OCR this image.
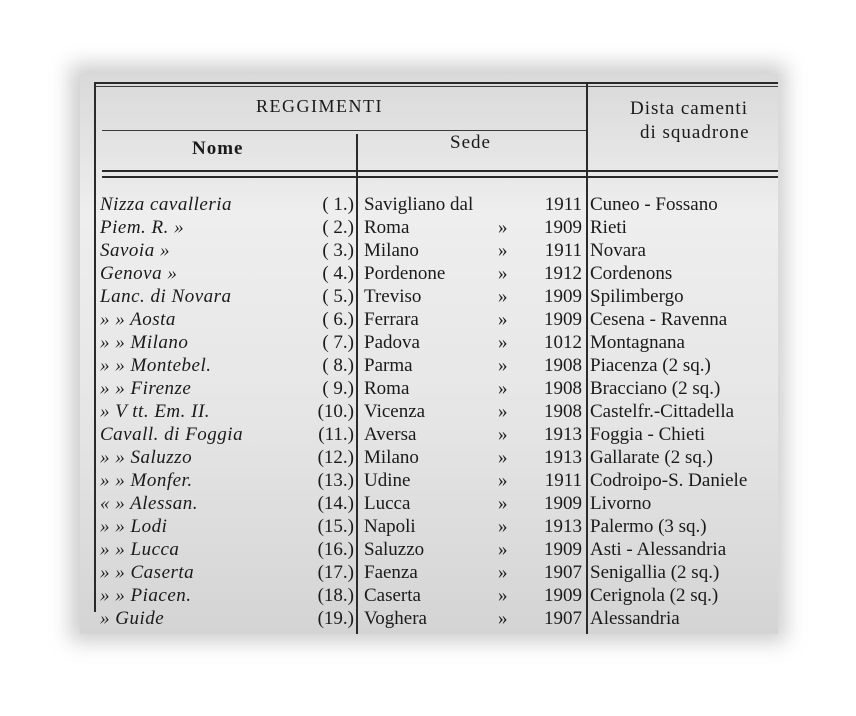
REGGIMENTI
Nome	Sede
Dista camenti
di squadrone
Nizza cavalleria	( 1.) Savigliano dal	1911 Cuneo - Fossano
Piem. R. »	( 2.) Roma	»	1909 Rieti
Savoia »	( 3.) Milano	»	1911 Novara
Genova »	( 4.) Pordenone	»	1912 Cordenons
Lanc. di Novara	( 5.) Treviso	»	1909 Spilimbergo
» » Aosta	( 6.) Ferrara	»	1909 Cesena - Ravenna
» » Milano	( 7.) Padova	»	1012 Montagnana
» » Montebel.	( 8.) Parma	»	1908 Piacenza (2 sq.)
» » Firenze	( 9.) Roma	»	1908 Bracciano (2 sq.)
» V tt. Em. II.	(10.) Vicenza	»	1908 Castelfr.-Cittadella
Cavall. di Foggia	(11.) Aversa	»	1913 Foggia - Chieti
» » Saluzzo	(12.) Milano	»	1913 Gallarate (2 sq.)
» » Monfer.	(13.) Udine	»	1911 Codroipo-S. Daniele
« » Alessan.	(14.) Lucca	»	1909 Livorno
» » Lodi	(15.) Napoli	»	1913 Palermo (3 sq.)
» » Lucca	(16.) Saluzzo	»	1909 Asti - Alessandria
» » Caserta	(17.) Faenza	»	1907 Senigallia (2 sq.)
» » Piacen.	(18.) Caserta	»	1909 Cerignola (2 sq.)
» Guide	(19.) Voghera	»	1907 Alessandria
